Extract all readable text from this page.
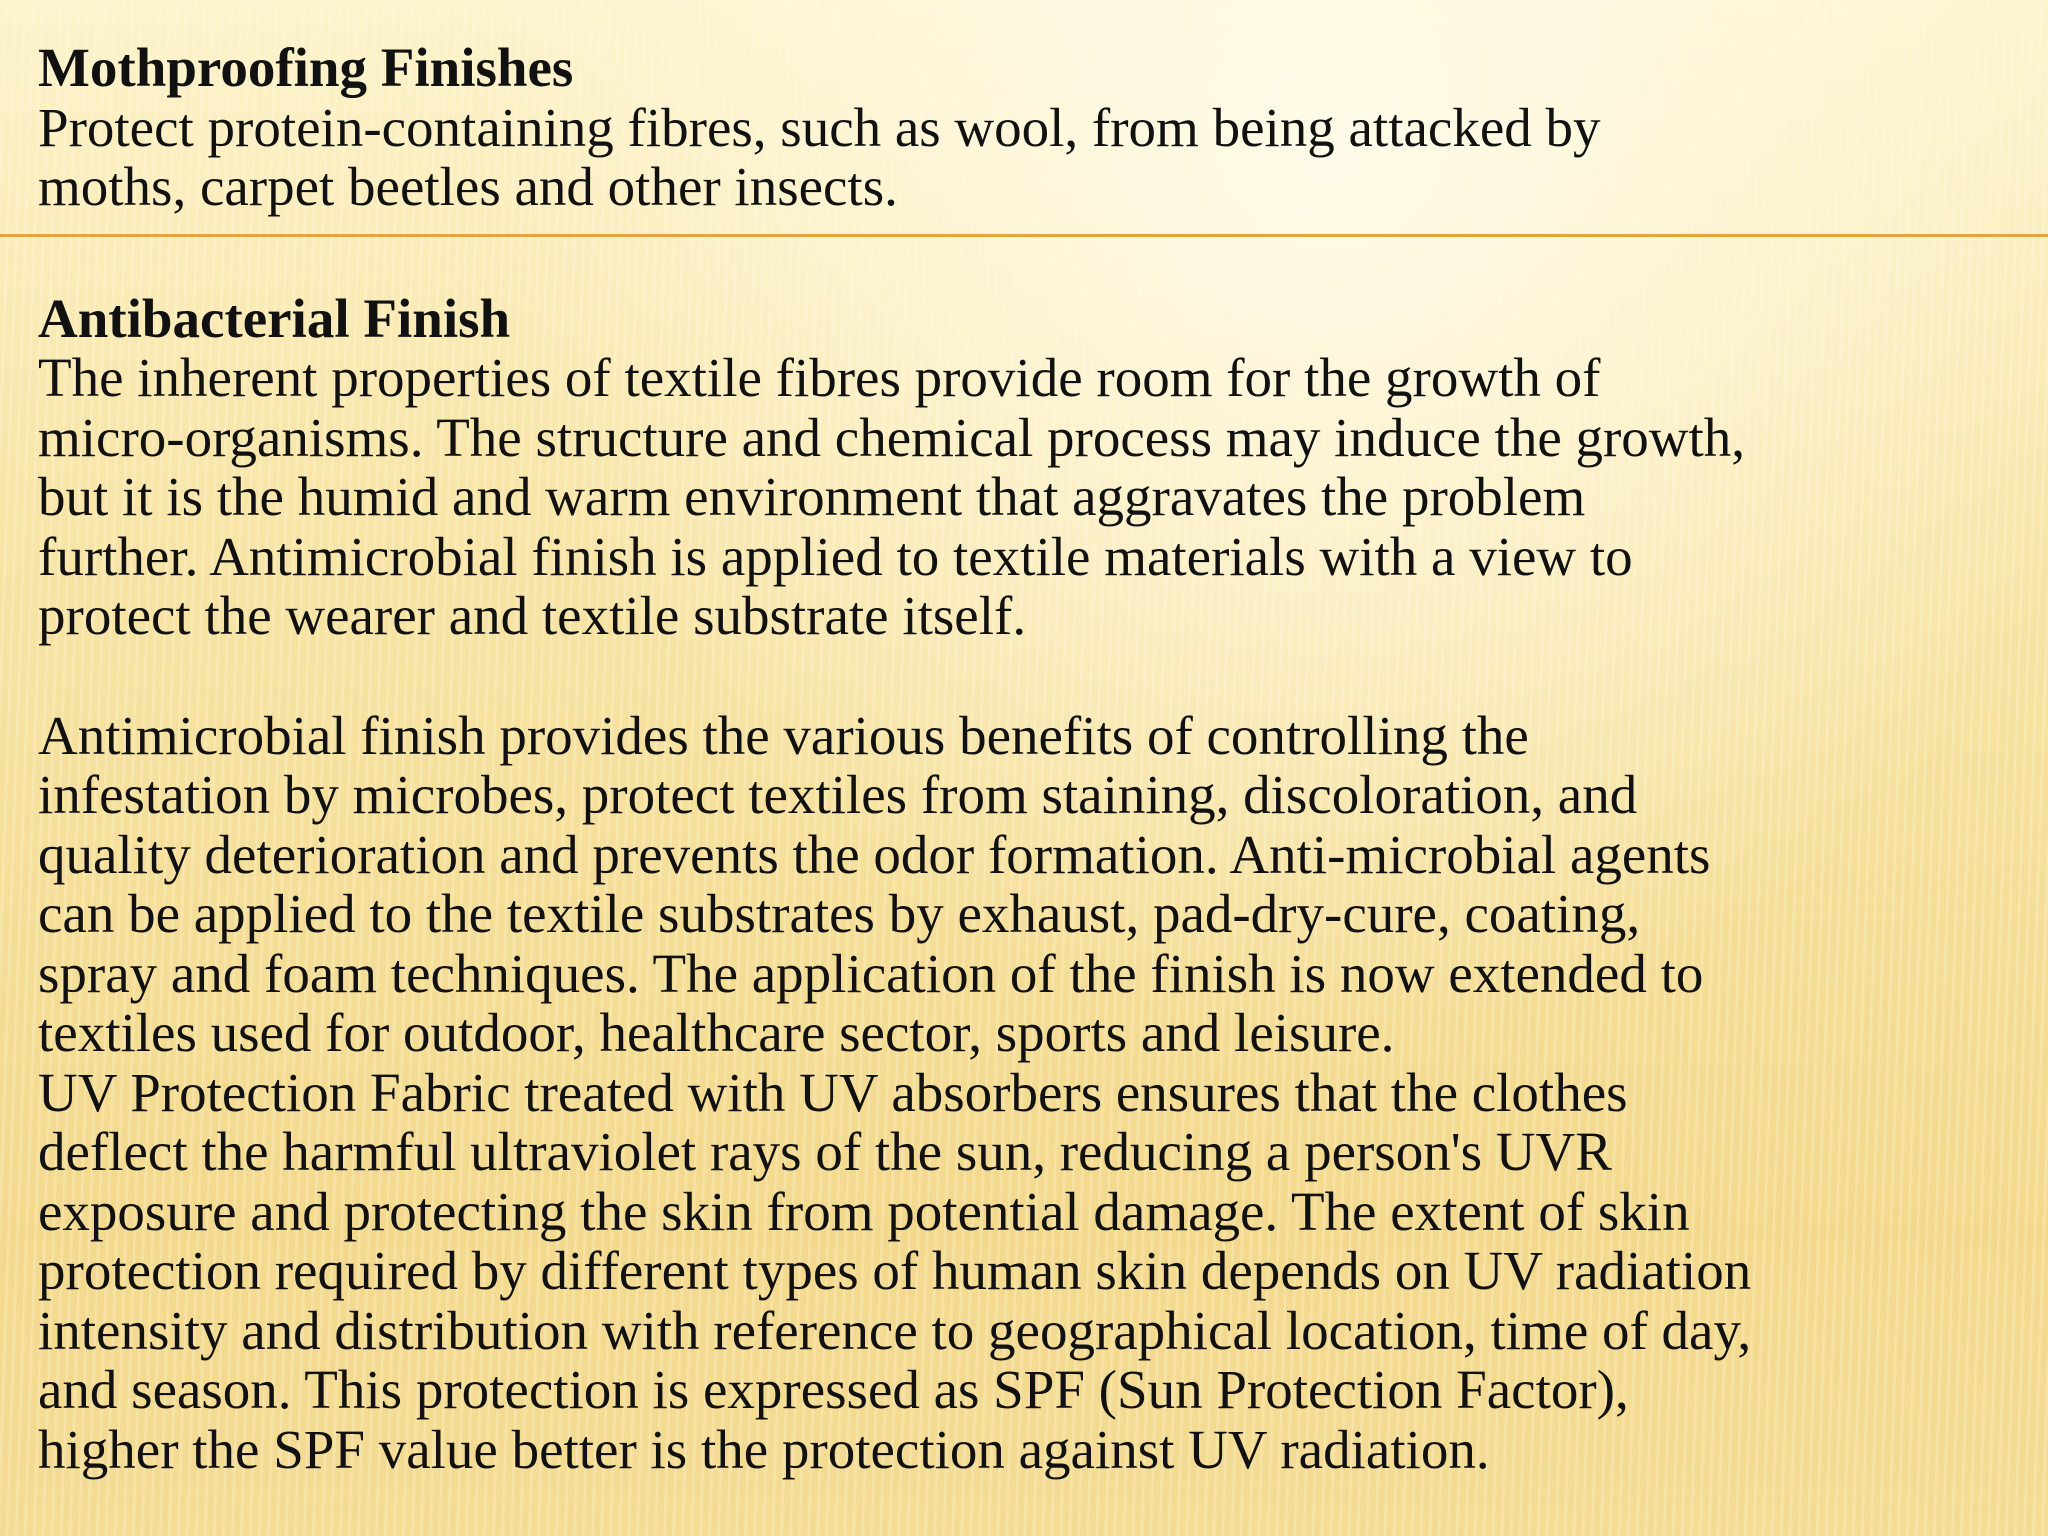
Mothproofing Finishes

Protect protein-containing fibres, such as wool, from being attacked by
moths, carpet beetles and other insects.

Antibacterial Finish

The inherent properties of textile fibres provide room for the growth of
micro-organisms. The structure and chemical process may induce the growth,
but it is the humid and warm environment that aggravates the problem
further. Antimicrobial finish is applied to textile materials with a view to
protect the wearer and textile substrate itself.

Antimicrobial finish provides the various benefits of controlling the
infestation by microbes, protect textiles from staining, discoloration, and
quality deterioration and prevents the odor formation. Anti-microbial agents
can be applied to the textile substrates by exhaust, pad-dry-cure, coating,
spray and foam techniques. The application of the finish is now extended to
textiles used for outdoor, healthcare sector, sports and leisure.

UV Protection Fabric treated with UV absorbers ensures that the clothes
deflect the harmful ultraviolet rays of the sun, reducing a person's UVR
exposure and protecting the skin from potential damage. The extent of skin
protection required by different types of human skin depends on UV radiation
intensity and distribution with reference to geographical location, time of day,
and season. This protection is expressed as SPF (Sun Protection Factor),
higher the SPF value better is the protection against UV radiation.
